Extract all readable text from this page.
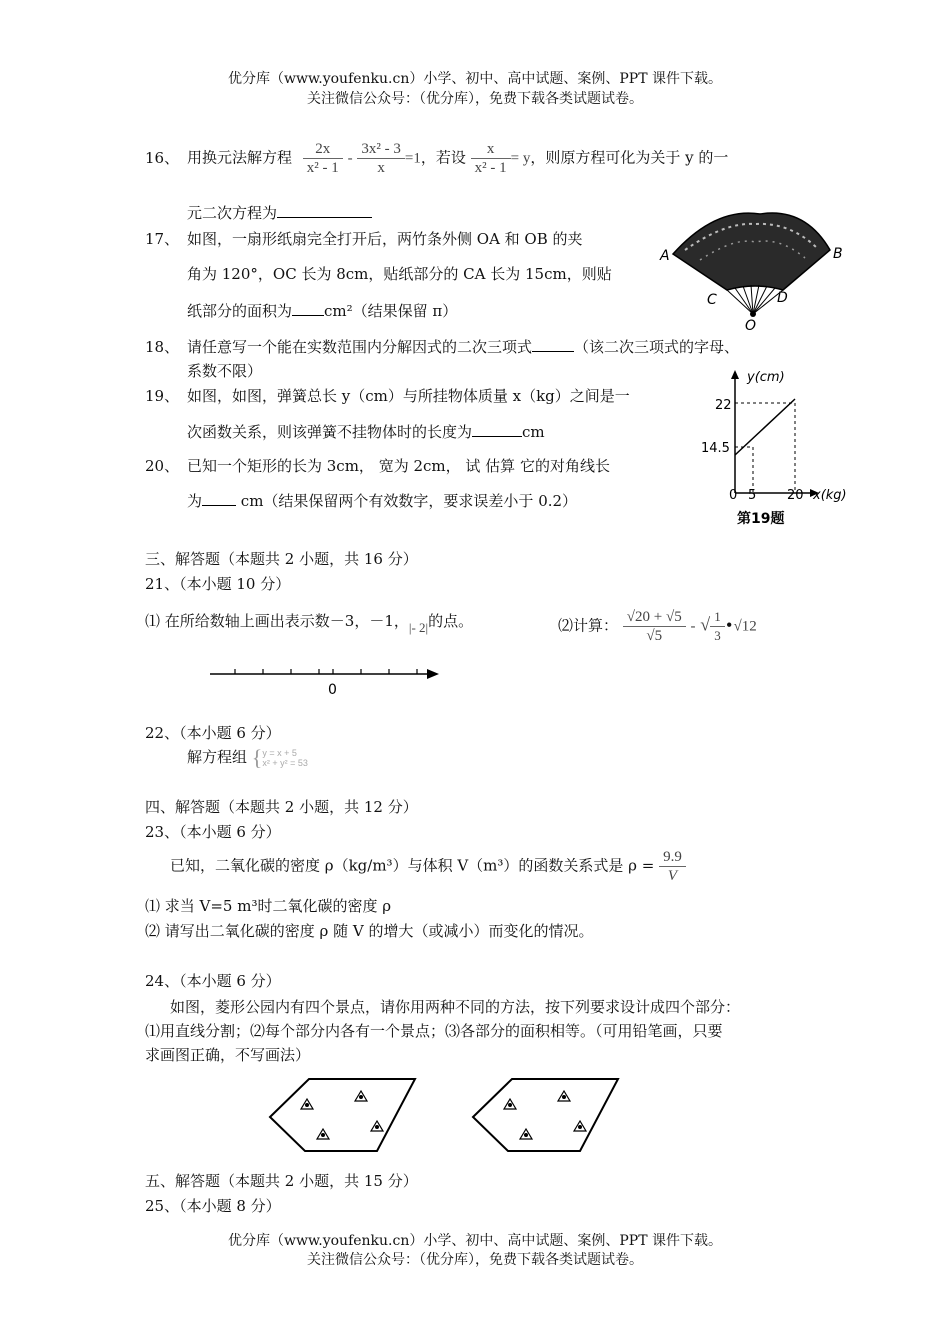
优分库（www.youfenku.cn）小学、初中、高中试题、案例、PPT 课件下载。
关注微信公众号：（优分库），免费下载各类试题试卷。
16、 用换元法解方程 $\frac{2x}{\text{x² - 1}} - \frac{\text{3x² - 3}}{x} =1$，若设 $\frac{x}{\text{x² - 1}} = y$，则原方程可化为关于 y 的一
元二次方程为
17、 如图，一扇形纸扇完全打开后，两竹条外侧 OA 和 OB 的夹
角为 120°，OC 长为 8cm，贴纸部分的 CA 长为 15cm，则贴
纸部分的面积为 cm²（结果保留 π）
A	B
C	D
O
18、 请任意写一个能在实数范围内分解因式的二次三项式	（该二次三项式的字母、
系数不限）
19、 如图，如图，弹簧总长 y（cm）与所挂物体质量 x（kg）之间是一
次函数关系，则该弹簧不挂物体时的长度为	cm
y(cm)
x(kg)
22
14.5
0 5 20
第19题
20、 已知一个矩形的长为 3cm， 宽为 2cm， 试 估算 它的对角线长
为	cm（结果保留两个有效数字，要求误差小于 0.2）
三、解答题（本题共 2 小题，共 16 分）
21、（本小题 10 分）
⑴ 在所给数轴上画出表示数－3，－1，|- 2|的点。	⑵计算： $\frac{√20 + √5}{√5}$ - √ $\frac{1}{3}$ •√12
0
22、（本小题 6 分）
解方程组 { y = x + 5
x² + y² = 53
四、解答题（本题共 2 小题，共 12 分）
23、（本小题 6 分）
已知，二氧化碳的密度 ρ（kg/m³）与体积 V（m³）的函数关系式是 $\rho = \frac{9.9}{V}$
⑴ 求当 V=5 m³时二氧化碳的密度 ρ
⑵ 请写出二氧化碳的密度 ρ 随 V 的增大（或减小）而变化的情况。
24、（本小题 6 分）
如图，菱形公园内有四个景点，请你用两种不同的方法，按下列要求设计成四个部分：
⑴用直线分割；⑵每个部分内各有一个景点；⑶各部分的面积相等。（可用铅笔画，只要
求画图正确，不写画法）
五、解答题（本题共 2 小题，共 15 分）
25、（本小题 8 分）
优分库（www.youfenku.cn）小学、初中、高中试题、案例、PPT 课件下载。
关注微信公众号：（优分库），免费下载各类试题试卷。
